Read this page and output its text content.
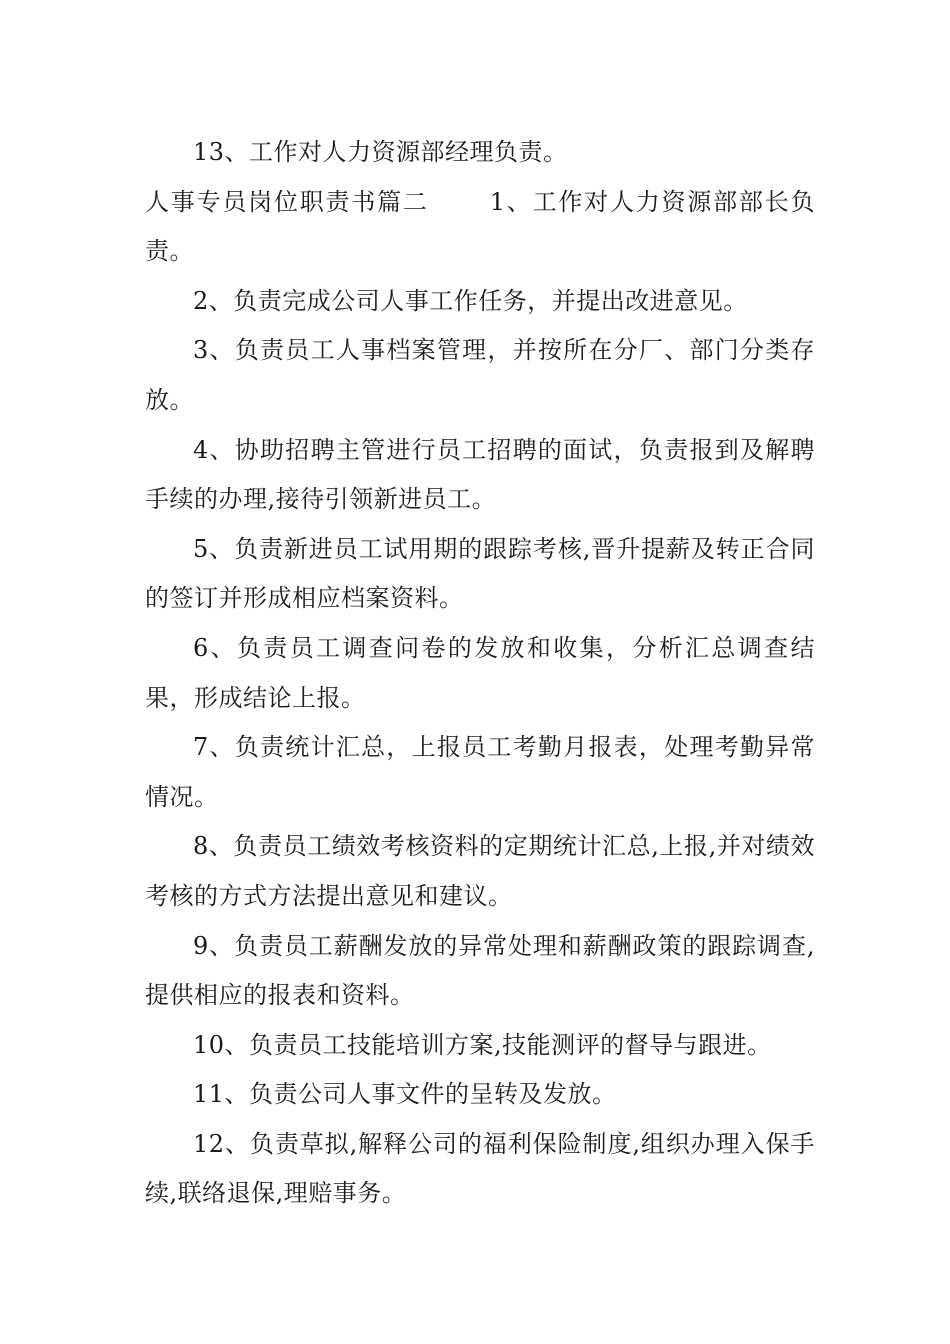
13、工作对人力资源部经理负责。

人事专员岗位职责书篇二　　 1、工作对人力资源部部长负责。

2、负责完成公司人事工作任务，并提出改进意见。

3、负责员工人事档案管理，并按所在分厂、部门分类存放。

4、协助招聘主管进行员工招聘的面试，负责报到及解聘手续的办理,接待引领新进员工。

5、负责新进员工试用期的跟踪考核,晋升提薪及转正合同的签订并形成相应档案资料。

6、负责员工调查问卷的发放和收集，分析汇总调查结果，形成结论上报。

7、负责统计汇总，上报员工考勤月报表，处理考勤异常情况。

8、负责员工绩效考核资料的定期统计汇总,上报,并对绩效考核的方式方法提出意见和建议。

9、负责员工薪酬发放的异常处理和薪酬政策的跟踪调查,提供相应的报表和资料。

10、负责员工技能培训方案,技能测评的督导与跟进。

11、负责公司人事文件的呈转及发放。

12、负责草拟,解释公司的福利保险制度,组织办理入保手续,联络退保,理赔事务。
